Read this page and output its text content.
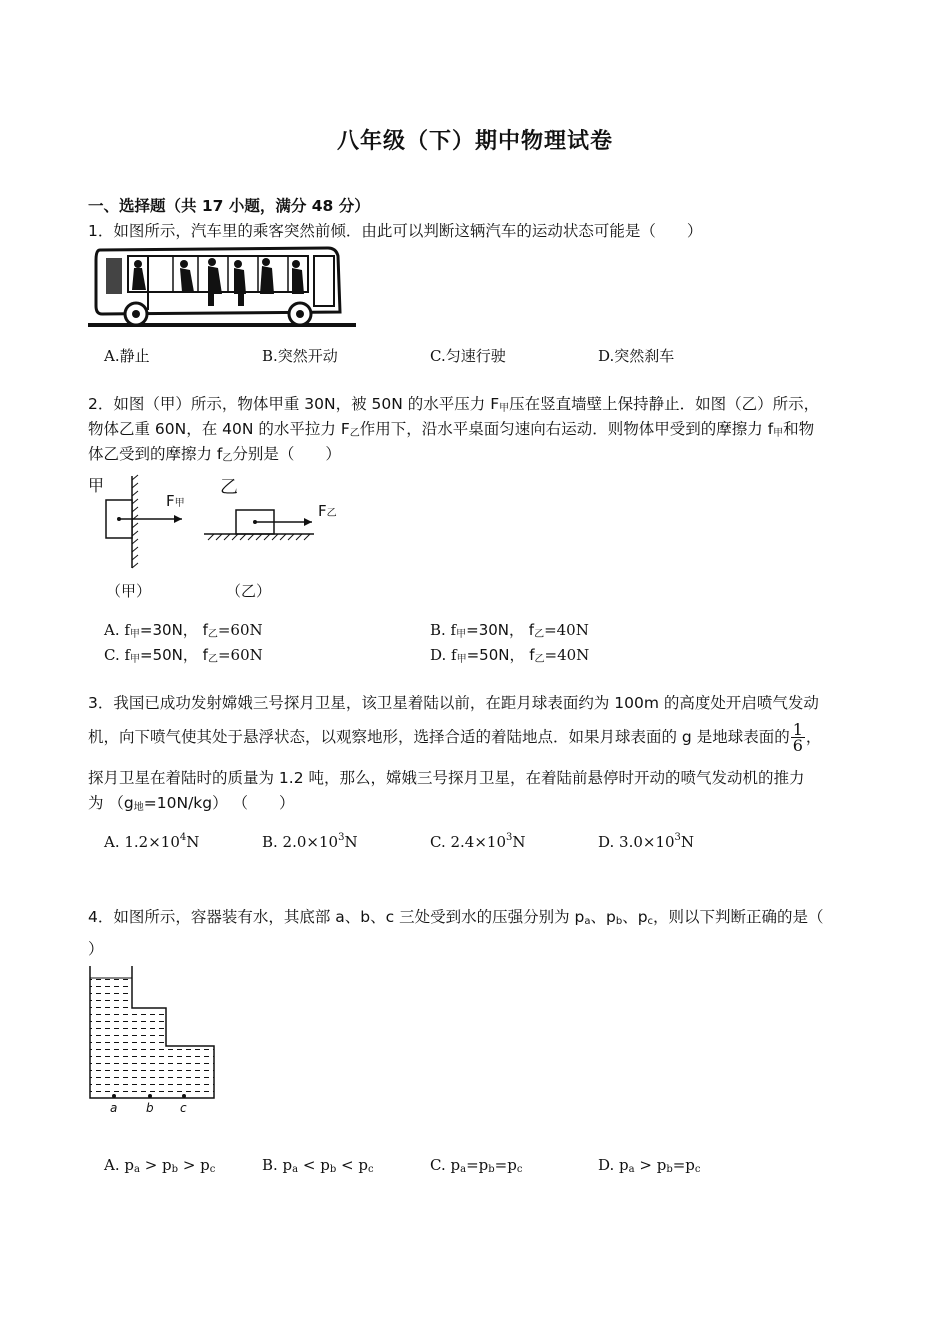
八年级（下）期中物理试卷
一、选择题（共 17 小题，满分 48 分）
1．如图所示，汽车里的乘客突然前倾．由此可以判断这辆汽车的运动状态可能是（　　）
A.静止	B.突然开动	C.匀速行驶	D.突然刹车
2．如图（甲）所示，物体甲重 30N，被 50N 的水平压力 $F_甲$压在竖直墙壁上保持静止．如图（乙）所示，
物体乙重 60N，在 40N 的水平拉力 $F_乙$作用下，沿水平桌面匀速向右运动．则物体甲受到的摩擦力 $f_甲$和物
体乙受到的摩擦力 $f_乙$分别是（　　）
甲
F甲
乙
F乙
（甲）	（乙）
A. $f_甲=30N$， $f_乙=60N$	B. $f_甲=30N$， $f_乙=40N$
C. $f_甲=50N$， $f_乙=60N$	D. $f_甲=50N$， $f_乙=40N$
3．我国已成功发射嫦娥三号探月卫星，该卫星着陆以前，在距月球表面约为 100m 的高度处开启喷气发动
机，向下喷气使其处于悬浮状态，以观察地形，选择合适的着陆地点．如果月球表面的 g 是地球表面的 $\frac{1}{6}$ ，
探月卫星在着陆时的质量为 1.2 吨，那么，嫦娥三号探月卫星，在着陆前悬停时开动的喷气发动机的推力
为 $(g_地=10N/kg)$ （　　）
A. $1.2\times 10^4N$	B. $2.0\times 10^3N$	C. $2.4\times 10^3N$	D. $3.0\times 10^3N$
4．如图所示，容器装有水，其底部 a、b、c 三处受到水的压强分别为 $p_a$、$p_b$、$p_c$，则以下判断正确的是（
）
a b c
A. $p_a > p_b > p_c$	B. $p_a < p_b < p_c$	C. $p_a=p_b=p_c$	D. $p_a > p_b=p_c$
